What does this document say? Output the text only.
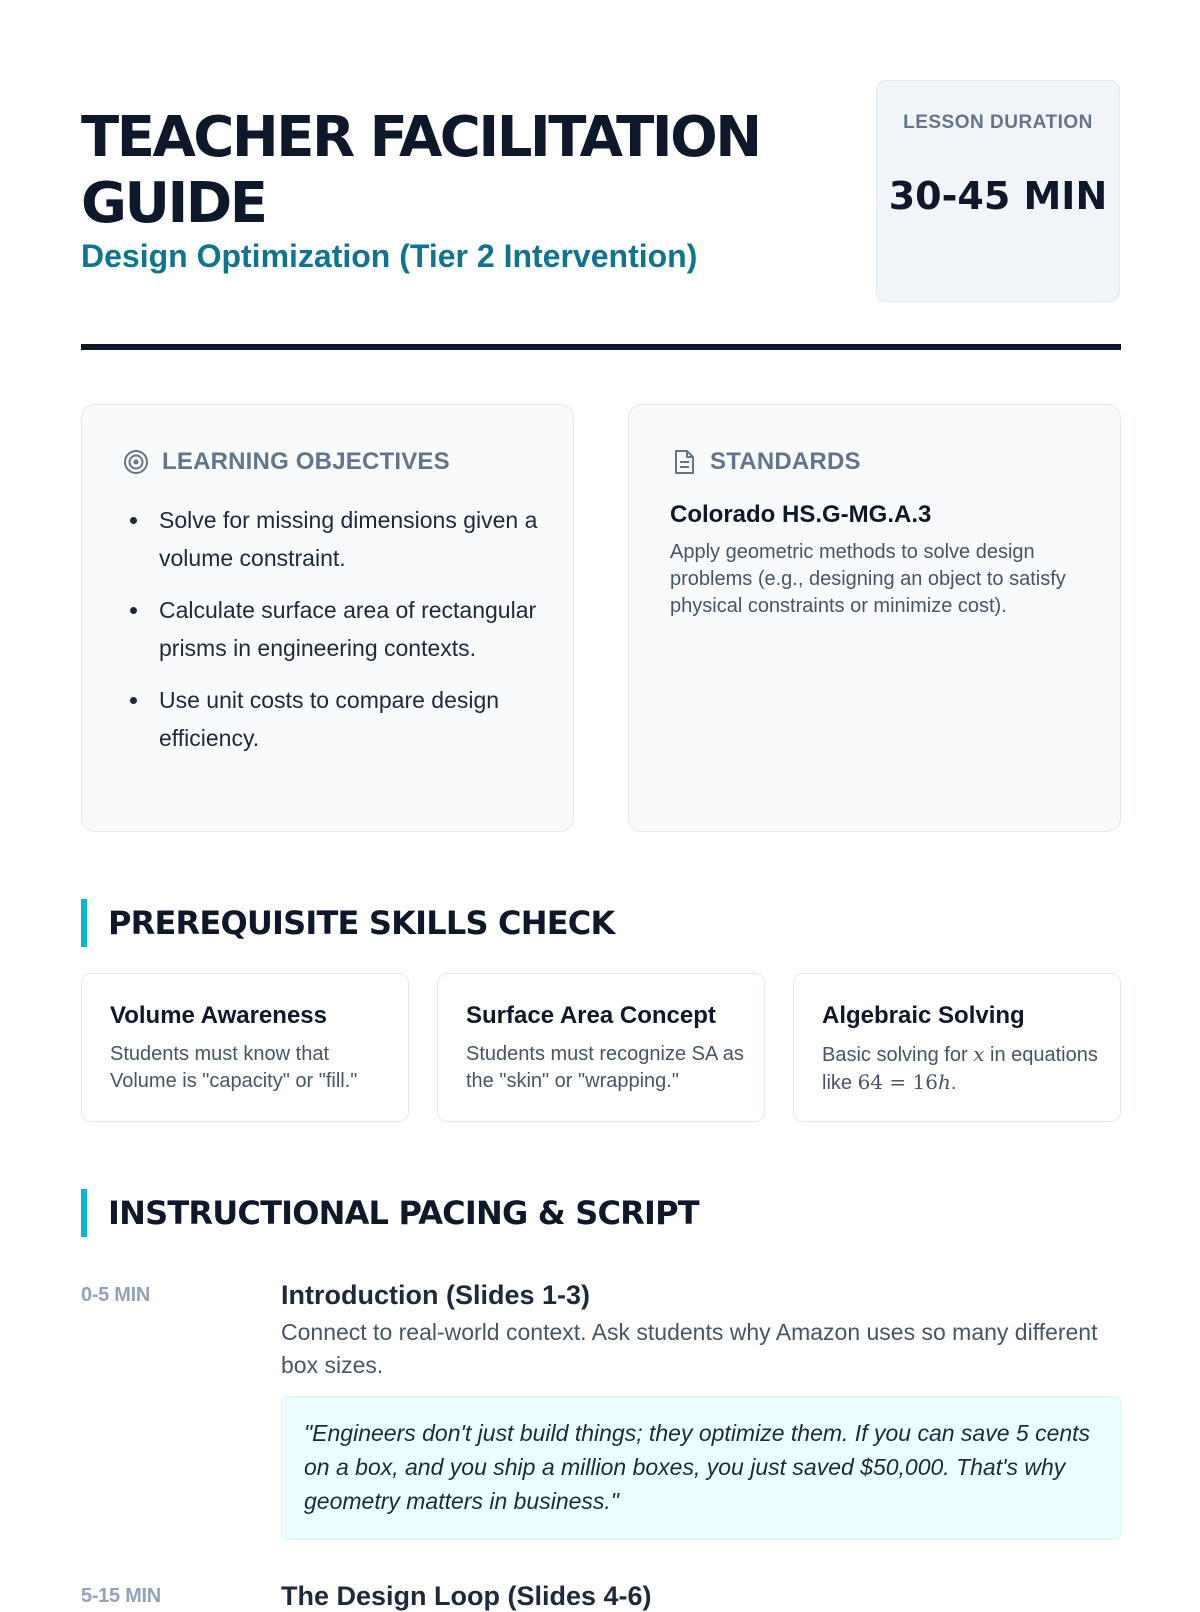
TEACHER FACILITATION GUIDE
Design Optimization (Tier 2 Intervention)
LESSON DURATION
30-45 MIN
LEARNING OBJECTIVES
• Solve for missing dimensions given a volume constraint.
• Calculate surface area of rectangular prisms in engineering contexts.
• Use unit costs to compare design efficiency.
STANDARDS
Colorado HS.G-MG.A.3
Apply geometric methods to solve design problems (e.g., designing an object to satisfy physical constraints or minimize cost).
PREREQUISITE SKILLS CHECK
Volume Awareness
Students must know that Volume is "capacity" or "fill."
Surface Area Concept
Students must recognize SA as the "skin" or "wrapping."
Algebraic Solving
Basic solving for x in equations like 64 = 16h.
INSTRUCTIONAL PACING & SCRIPT
0-5 MIN	Introduction (Slides 1-3)
Connect to real-world context. Ask students why Amazon uses so many different box sizes.
"Engineers don't just build things; they optimize them. If you can save 5 cents on a box, and you ship a million boxes, you just saved $50,000. That's why geometry matters in business."
5-15 MIN	The Design Loop (Slides 4-6)
